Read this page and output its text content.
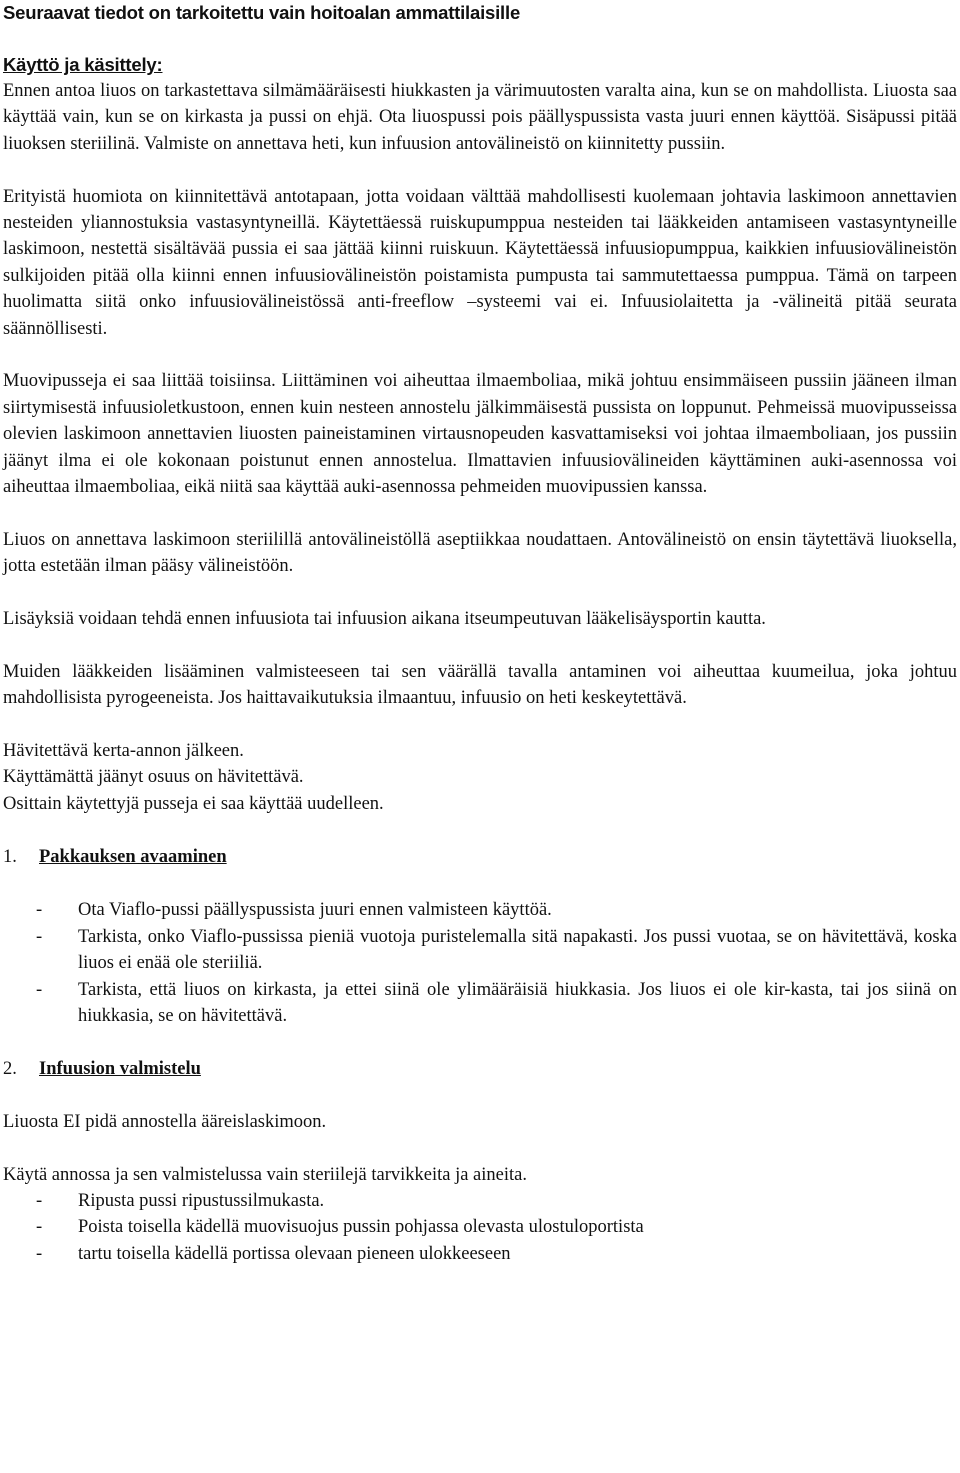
Seuraavat tiedot on tarkoitettu vain hoitoalan ammattilaisille
Käyttö ja käsittely:

Ennen antoa liuos on tarkastettava silmämääräisesti hiukkasten ja värimuutosten varalta aina, kun se on mahdollista. Liuosta saa käyttää vain, kun se on kirkasta ja pussi on ehjä. Ota liuospussi pois päällyspussista vasta juuri ennen käyttöä. Sisäpussi pitää liuoksen steriilinä. Valmiste on annettava heti, kun infuusion antovälineistö on kiinnitetty pussiin.

Erityistä huomiota on kiinnitettävä antotapaan, jotta voidaan välttää mahdollisesti kuolemaan johtavia laskimoon annettavien nesteiden yliannostuksia vastasyntyneillä. Käytettäessä ruiskupumppua nesteiden tai lääkkeiden antamiseen vastasyntyneille laskimoon, nestettä sisältävää pussia ei saa jättää kiinni ruiskuun. Käytettäessä infuusiopumppua, kaikkien infuusiovälineistön sulkijoiden pitää olla kiinni ennen infuusiovälineistön poistamista pumpusta tai sammutettaessa pumppua. Tämä on tarpeen huolimatta siitä onko infuusiovälineistössä anti-freeflow –systeemi vai ei. Infuusiolaitetta ja -välineitä pitää seurata säännöllisesti.

Muovipusseja ei saa liittää toisiinsa. Liittäminen voi aiheuttaa ilmaemboliaa, mikä johtuu ensimmäiseen pussiin jääneen ilman siirtymisestä infuusioletkustoon, ennen kuin nesteen annostelu jälkimmäisestä pussista on loppunut. Pehmeissä muovipusseissa olevien laskimoon annettavien liuosten paineistaminen virtausnopeuden kasvattamiseksi voi johtaa ilmaemboliaan, jos pussiin jäänyt ilma ei ole kokonaan poistunut ennen annostelua. Ilmattavien infuusiovälineiden käyttäminen auki-asennossa voi aiheuttaa ilmaemboliaa, eikä niitä saa käyttää auki-asennossa pehmeiden muovipussien kanssa.

Liuos on annettava laskimoon steriilillä antovälineistöllä aseptiikkaa noudattaen. Antovälineistö on ensin täytettävä liuoksella, jotta estetään ilman pääsy välineistöön.

Lisäyksiä voidaan tehdä ennen infuusiota tai infuusion aikana itseumpeutuvan lääkelisäysportin kautta.

Muiden lääkkeiden lisääminen valmisteeseen tai sen väärällä tavalla antaminen voi aiheuttaa kuumeilua, joka johtuu mahdollisista pyrogeeneista. Jos haittavaikutuksia ilmaantuu, infuusio on heti keskeytettävä.

Hävitettävä kerta-annon jälkeen.

Käyttämättä jäänyt osuus on hävitettävä.

Osittain käytettyjä pusseja ei saa käyttää uudelleen.

1.	Pakkauksen avaaminen
-	Ota Viaflo-pussi päällyspussista juuri ennen valmisteen käyttöä.
-	Tarkista, onko Viaflo-pussissa pieniä vuotoja puristelemalla sitä napakasti. Jos pussi vuotaa, se on hävitettävä, koska liuos ei enää ole steriiliä.
-	Tarkista, että liuos on kirkasta, ja ettei siinä ole ylimääräisiä hiukkasia. Jos liuos ei ole kir-kasta, tai jos siinä on hiukkasia, se on hävitettävä.
2.	Infuusion valmistelu

Liuosta EI pidä annostella ääreislaskimoon.

Käytä annossa ja sen valmistelussa vain steriilejä tarvikkeita ja aineita.

-	Ripusta pussi ripustussilmukasta.
-	Poista toisella kädellä muovisuojus pussin pohjassa olevasta ulostuloportista
-	tartu toisella kädellä portissa olevaan pieneen ulokkeeseen
